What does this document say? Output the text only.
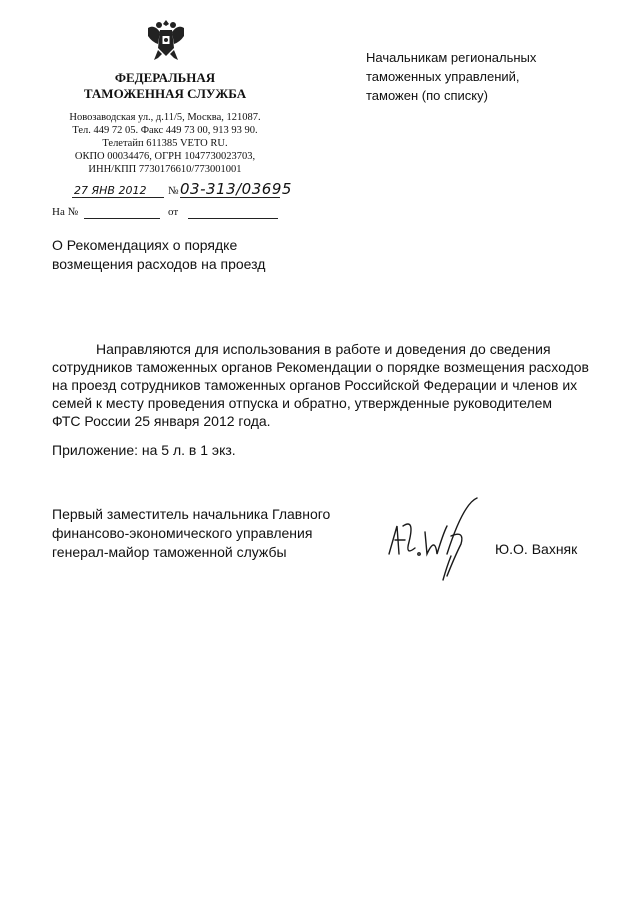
ФЕДЕРАЛЬНАЯ
ТАМОЖЕННАЯ СЛУЖБА
Новозаводская ул., д.11/5, Москва, 121087.
Тел. 449 72 05. Факс 449 73 00, 913 93 90.
Телетайп 611385 VETO RU.
ОКПО 00034476, ОГРН 1047730023703,
ИНН/КПП 7730176610/773001001
27 ЯНВ 2012	№ 03-313/03695
На №	от
Начальникам региональных
таможенных управлений,
таможен (по списку)
О Рекомендациях о порядке
возмещения расходов на проезд
Направляются для использования в работе и доведения до сведения
сотрудников таможенных органов Рекомендации о порядке возмещения расходов
на проезд сотрудников таможенных органов Российской Федерации и членов их
семей к месту проведения отпуска и обратно, утвержденные руководителем
ФТС России 25 января 2012 года.
Приложение: на 5 л. в 1 экз.
Первый заместитель начальника Главного
финансово-экономического управления
генерал-майор таможенной службы	Ю.О. Вахняк
